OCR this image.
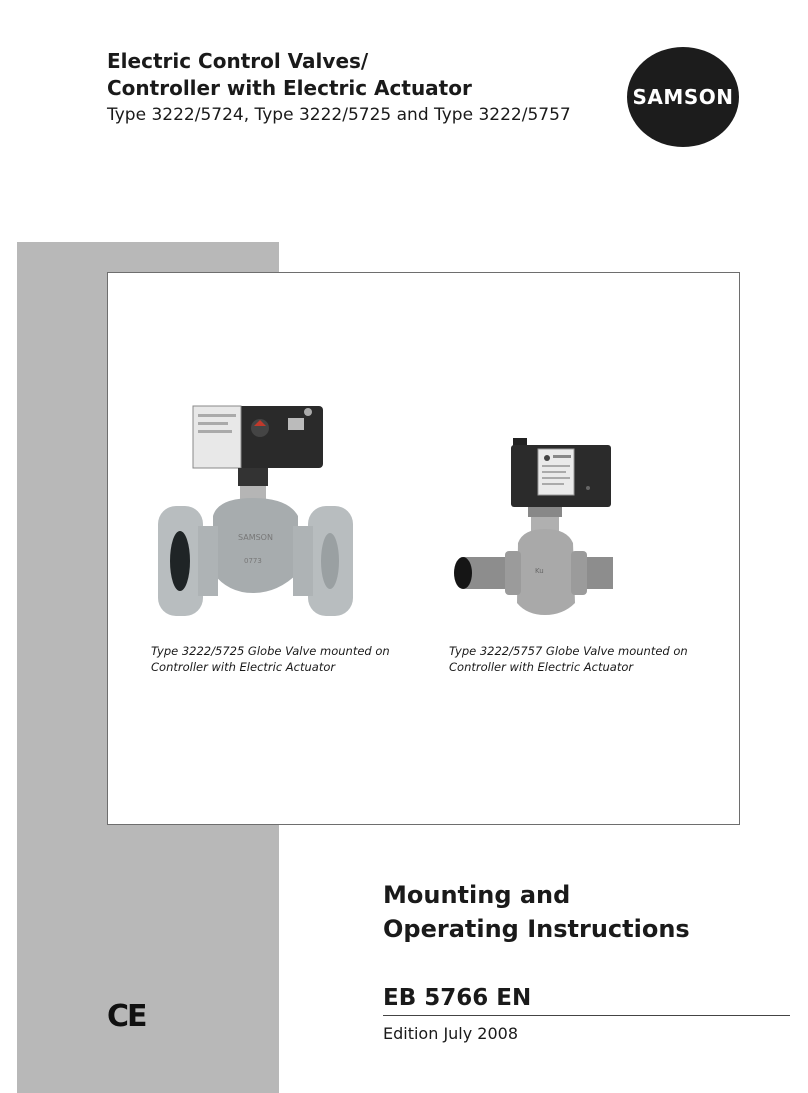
Electric Control Valves/
Controller with Electric Actuator
Type 3222/5724, Type 3222/5725 and Type 3222/5757
SAMSON
SAMSON
0773
Ku
Type 3222/5725 Globe Valve mounted on
Controller with Electric Actuator
Type 3222/5757 Globe Valve mounted on
Controller with Electric Actuator
Mounting and
Operating Instructions
EB 5766 EN
Edition July 2008
CE
